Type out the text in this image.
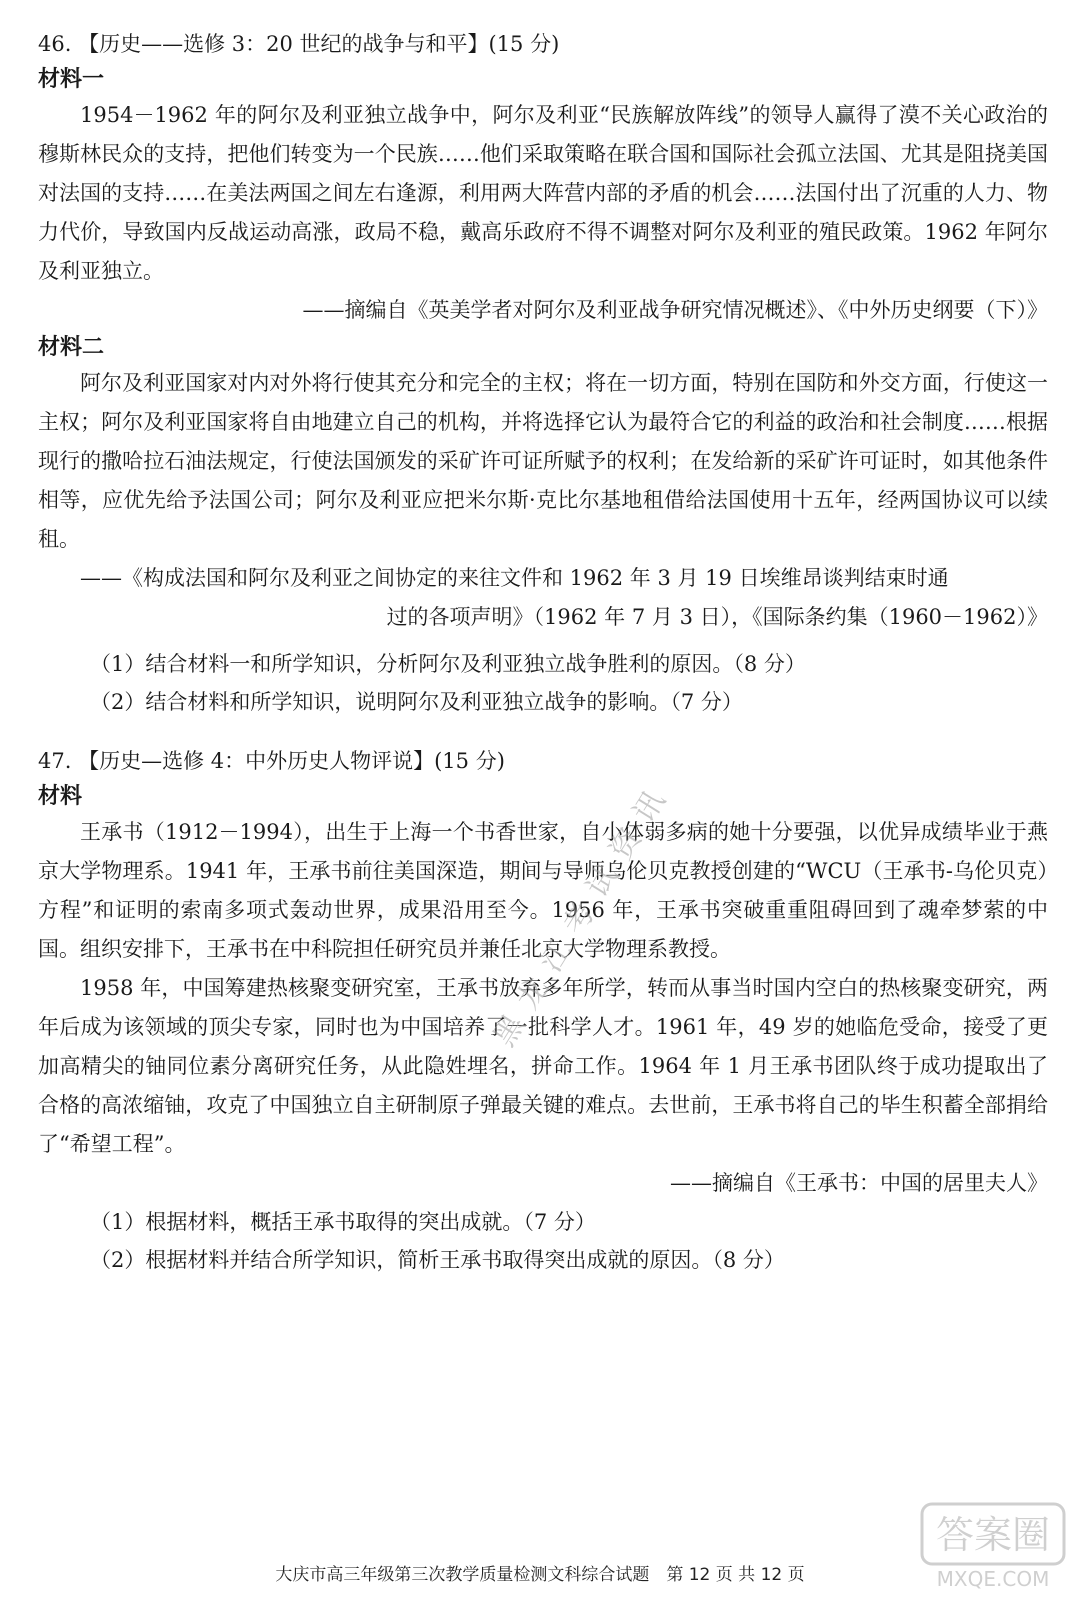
46. 【历史——选修 3：20 世纪的战争与和平】(15 分)

材料一

1954－1962 年的阿尔及利亚独立战争中，阿尔及利亚“民族解放阵线”的领导人赢得了漠不关心政治的穆斯林民众的支持，把他们转变为一个民族……他们采取策略在联合国和国际社会孤立法国、尤其是阻挠美国对法国的支持……在美法两国之间左右逢源，利用两大阵营内部的矛盾的机会……法国付出了沉重的人力、物力代价，导致国内反战运动高涨，政局不稳，戴高乐政府不得不调整对阿尔及利亚的殖民政策。1962 年阿尔及利亚独立。

——摘编自《英美学者对阿尔及利亚战争研究情况概述》、《中外历史纲要（下）》

材料二

阿尔及利亚国家对内对外将行使其充分和完全的主权；将在一切方面，特别在国防和外交方面，行使这一主权；阿尔及利亚国家将自由地建立自己的机构，并将选择它认为最符合它的利益的政治和社会制度……根据现行的撒哈拉石油法规定，行使法国颁发的采矿许可证所赋予的权利；在发给新的采矿许可证时，如其他条件相等，应优先给予法国公司；阿尔及利亚应把米尔斯·克比尔基地租借给法国使用十五年，经两国协议可以续租。

——《构成法国和阿尔及利亚之间协定的来往文件和 1962 年 3 月 19 日埃维昂谈判结束时通
过的各项声明》（1962 年 7 月 3 日），《国际条约集（1960－1962）》

（1）结合材料一和所学知识，分析阿尔及利亚独立战争胜利的原因。（8 分）

（2）结合材料和所学知识，说明阿尔及利亚独立战争的影响。（7 分）

47. 【历史—选修 4：中外历史人物评说】(15 分)

材料

王承书（1912－1994），出生于上海一个书香世家，自小体弱多病的她十分要强，以优异成绩毕业于燕京大学物理系。1941 年，王承书前往美国深造，期间与导师乌伦贝克教授创建的“WCU（王承书-乌伦贝克）方程”和证明的索南多项式轰动世界，成果沿用至今。1956 年，王承书突破重重阻碍回到了魂牵梦萦的中国。组织安排下，王承书在中科院担任研究员并兼任北京大学物理系教授。

1958 年，中国筹建热核聚变研究室，王承书放弃多年所学，转而从事当时国内空白的热核聚变研究，两年后成为该领域的顶尖专家，同时也为中国培养了一批科学人才。1961 年，49 岁的她临危受命，接受了更加高精尖的铀同位素分离研究任务，从此隐姓埋名，拼命工作。1964 年 1 月王承书团队终于成功提取出了合格的高浓缩铀，攻克了中国独立自主研制原子弹最关键的难点。去世前，王承书将自己的毕生积蓄全部捐给了“希望工程”。

——摘编自《王承书：中国的居里夫人》

（1）根据材料，概括王承书取得的突出成就。（7 分）

（2）根据材料并结合所学知识，简析王承书取得突出成就的原因。（8 分）

黑龙江考试资讯
答案圈
MXQE.COM
大庆市高三年级第三次教学质量检测文科综合试题　第 12 页 共 12 页
